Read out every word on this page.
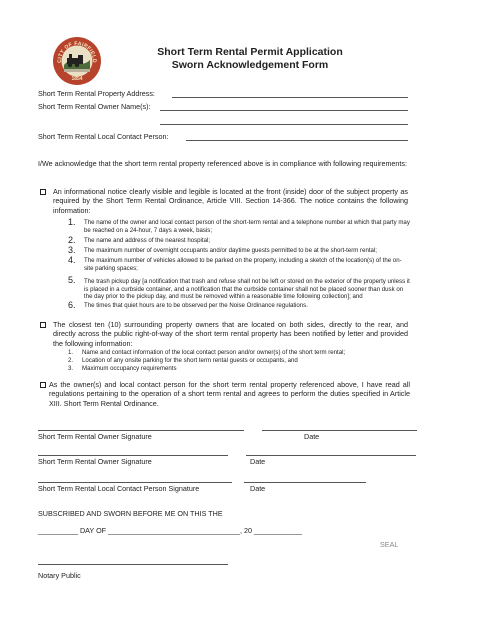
CITY OF FAIRFIELD
1854
Short Term Rental Permit Application
Sworn Acknowledgement Form
Short Term Rental Property Address:
Short Term Rental Owner Name(s):
Short Term Rental Local Contact Person:
I/We acknowledge that the short term rental property referenced above is in compliance with following requirements:
An informational notice clearly visible and legible is located at the front (inside) door of the subject property as required by the Short Term Rental Ordinance, Article VIII. Section 14-366. The notice contains the following information:
1. The name of the owner and local contact person of the short-term rental and a telephone number at which that party may be reached on a 24-hour, 7 days a week, basis;
2. The name and address of the nearest hospital;
3. The maximum number of overnight occupants and/or daytime guests permitted to be at the short-term rental;
4. The maximum number of vehicles allowed to be parked on the property, including a sketch of the location(s) of the on-site parking spaces;
5. The trash pickup day [a notification that trash and refuse shall not be left or stored on the exterior of the property unless it is placed in a curbside container, and a notification that the curbside container shall not be placed sooner than dusk on the day prior to the pickup day, and must be removed within a reasonable time following collection]; and
6. The times that quiet hours are to be observed per the Noise Ordinance regulations.
The closest ten (10) surrounding property owners that are located on both sides, directly to the rear, and directly across the public right-of-way of the short term rental property has been notified by letter and provided the following information:
1. Name and contact information of the local contact person and/or owner(s) of the short term rental;
2. Location of any onsite parking for the short term rental guests or occupants, and
3. Maximum occupancy requirements
As the owner(s) and local contact person for the short term rental property referenced above, I have read all regulations pertaining to the operation of a short term rental and agrees to perform the duties specified in Article XIII. Short Term Rental Ordinance.
Short Term Rental Owner Signature	Date
Short Term Rental Owner Signature	Date
Short Term Rental Local Contact Person Signature	Date
SUBSCRIBED AND SWORN BEFORE ME ON THIS THE
__________ DAY OF _________________________________, 20 ____________
SEAL
Notary Public
